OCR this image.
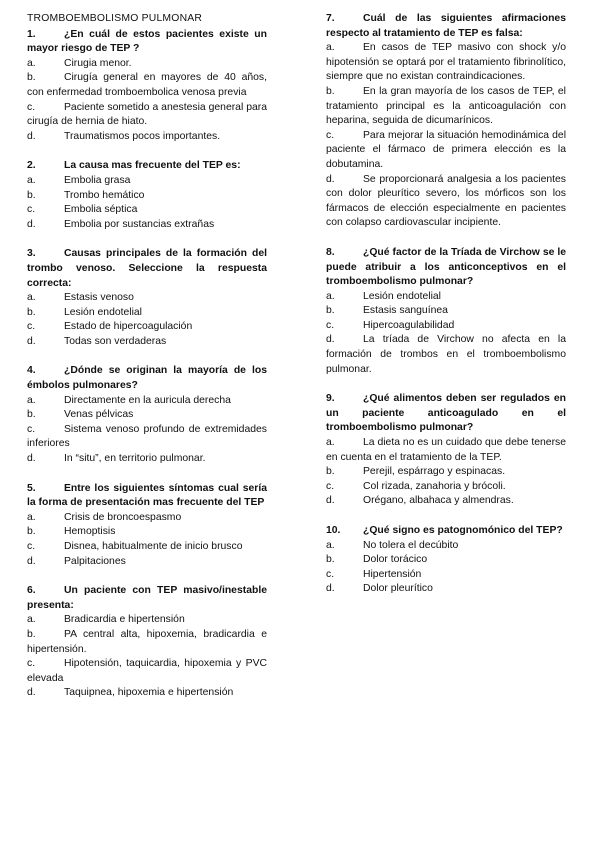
TROMBOEMBOLISMO PULMONAR

1.	¿En cuál de estos pacientes existe un mayor riesgo de TEP ?

a.	Cirugia menor.

b.	Cirugía general en mayores de 40 años, con enfermedad tromboembolica venosa previa

c.	Paciente sometido a anestesia general para cirugía de hernia de hiato.

d.	Traumatismos pocos importantes.

2.	La causa mas frecuente del TEP es:

a.	Embolia grasa

b.	Trombo hemático

c.	Embolia séptica

d.	Embolia por sustancias extrañas

3.	Causas principales de la formación del trombo venoso. Seleccione la respuesta correcta:

a.	Estasis venoso

b.	Lesión endotelial

c.	Estado de hipercoagulación

d.	Todas son verdaderas

4.	¿Dónde se originan la mayoría de los émbolos pulmonares?

a.	Directamente en la auricula derecha

b.	Venas pélvicas

c.	Sistema venoso profundo de extremidades inferiores

d.	In “situ”, en territorio pulmonar.

5.	Entre los siguientes síntomas cual sería la forma de presentación mas frecuente del TEP

a.	Crisis de broncoespasmo

b.	Hemoptisis

c.	Disnea, habitualmente de inicio brusco

d.	Palpitaciones

6.	Un paciente con TEP masivo/inestable presenta:

a.	Bradicardia e hipertensión

b.	PA central alta, hipoxemia, bradicardia e hipertensión.

c.	Hipotensión, taquicardia, hipoxemia y PVC elevada

d.	Taquipnea, hipoxemia e hipertensión

7.	Cuál de las siguientes afirmaciones respecto al tratamiento de TEP es falsa:

a.	En casos de TEP masivo con shock y/o hipotensión se optará por el tratamiento fibrinolítico, siempre que no existan contraindicaciones.

b.	En la gran mayoría de los casos de TEP, el tratamiento principal es la anticoagulación con heparina, seguida de dicumarínicos.

c.	Para mejorar la situación hemodinámica del paciente el fármaco de primera elección es la dobutamina.

d.	Se proporcionará analgesia a los pacientes con dolor pleurítico severo, los mórficos son los fármacos de elección especialmente en pacientes con colapso cardiovascular incipiente.

8.	¿Qué factor de la Tríada de Virchow se le puede atribuir a los anticonceptivos en el tromboembolismo pulmonar?

a.	Lesión endotelial

b.	Estasis sanguínea

c.	Hipercoagulabilidad

d.	La tríada de Virchow no afecta en la formación de trombos en el tromboembolismo pulmonar.

9.	¿Qué alimentos deben ser regulados en un paciente anticoagulado en el tromboembolismo pulmonar?

a.	La dieta no es un cuidado que debe tenerse en cuenta en el tratamiento de la TEP.

b.	Perejil, espárrago y espinacas.

c.	Col rizada, zanahoria y brócoli.

d.	Orégano, albahaca y almendras.

10. ¿Qué signo es patognomónico del TEP?

a.	No tolera el decúbito

b.	Dolor torácico

c.	Hipertensión

d.	Dolor pleurítico
